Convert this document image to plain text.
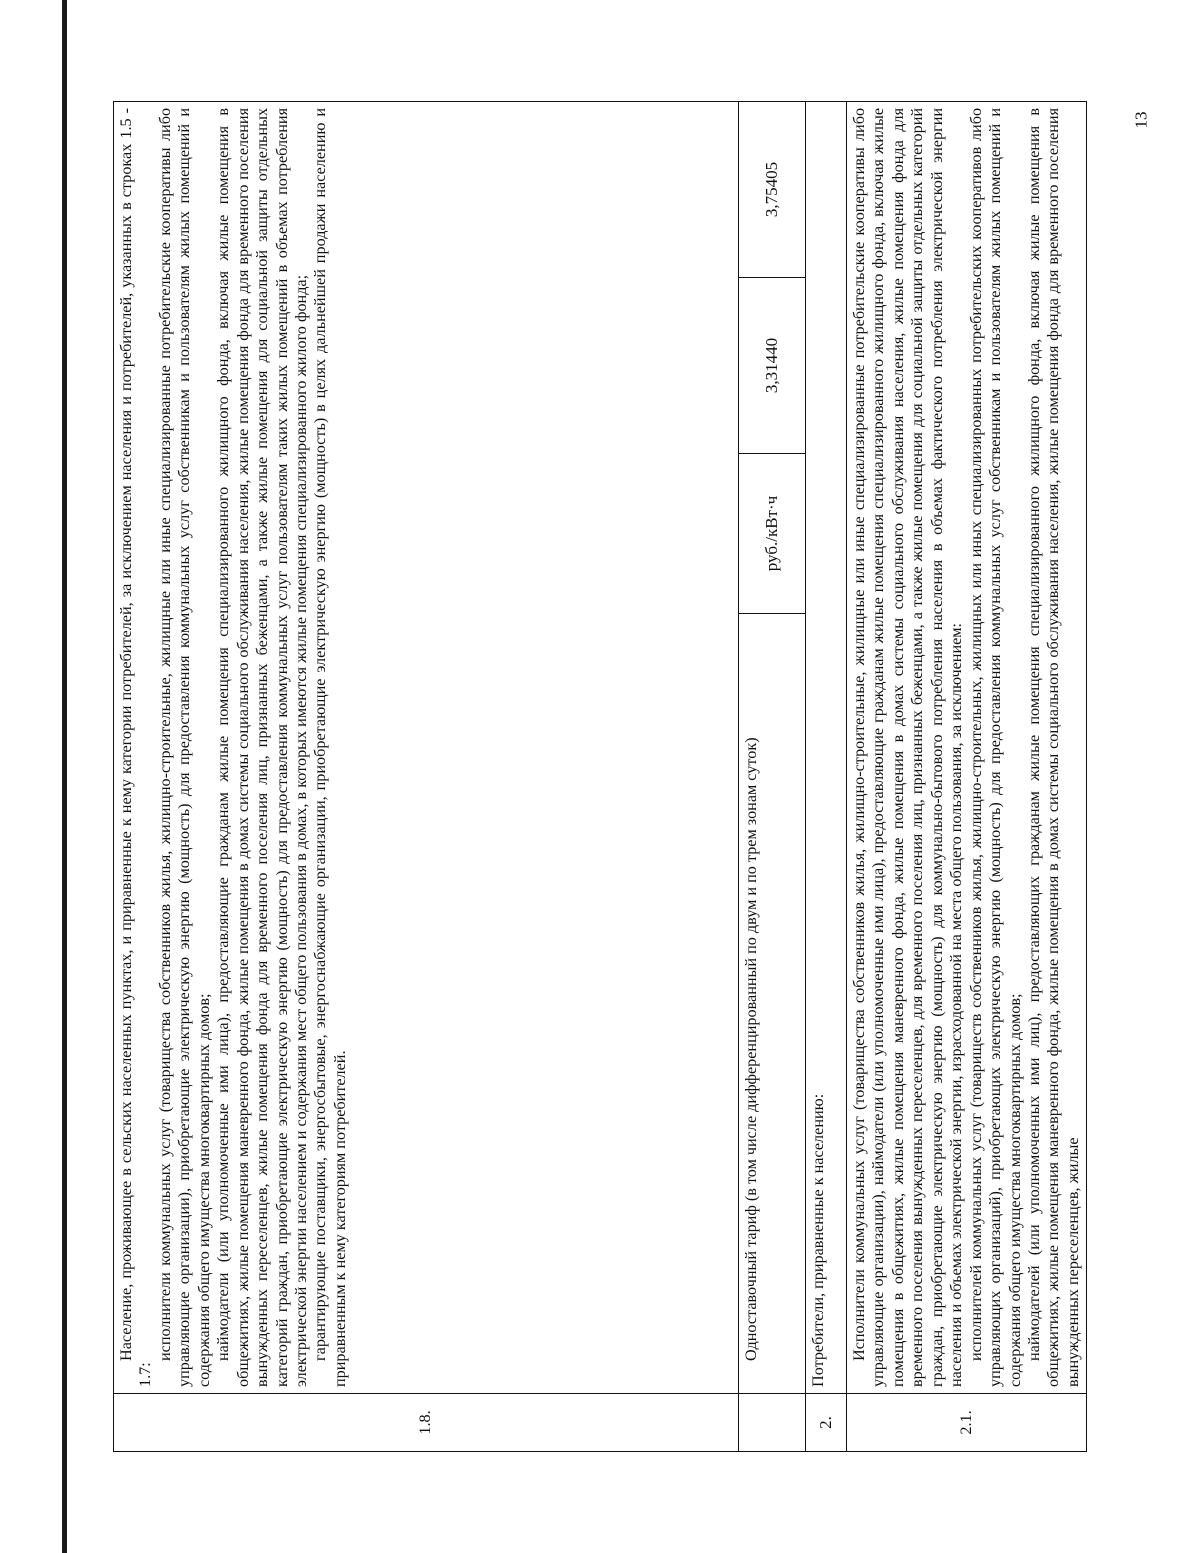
13
1.8.	Население, проживающее в сельских населенных пунктах, и приравненные к нему категории потребителей, за исключением населения и потребителей, указанных в строках 1.5 - 1.7:

исполнители коммунальных услуг (товарищества собственников жилья, жилищно-строительные, жилищные или иные специализированные потребительские кооперативы либо управляющие организации), приобретающие электрическую энергию (мощность) для предоставления коммунальных услуг собственникам и пользователям жилых помещений и содержания общего имущества многоквартирных домов; наймодатели (или уполномоченные ими лица), предоставляющие гражданам жилые помещения специализированного жилищного фонда, включая жилые помещения в общежитиях, жилые помещения маневренного фонда, жилые помещения в домах системы социального обслуживания населения, жилые помещения фонда для временного поселения вынужденных переселенцев, жилые помещения фонда для временного поселения лиц, признанных беженцами, а также жилые помещения для социальной защиты отдельных категорий граждан, приобретающие электрическую энергию (мощность) для предоставления коммунальных услуг пользователям таких жилых помещений в объемах потребления электрической энергии населением и содержания мест общего пользования в домах, в которых имеются жилые помещения специализированного жилого фонда; гарантирующие поставщики, энергосбытовые, энергоснабжающие организации, приобретающие электрическую энергию (мощность) в целях дальнейшей продажи населению и приравненным к нему категориям потребителей.			

	Одноставочный тариф (в том числе дифференцированный по двум и по трем зонам суток)	руб./кВт·ч	3,31440	3,75405
2.	Потребители, приравненные к населению:			

2.1.	Исполнители коммунальных услуг (товарищества собственников жилья, жилищно-строительные, жилищные или иные специализированные потребительские кооперативы либо управляющие организации), наймодатели (или уполномоченные ими лица), предоставляющие гражданам жилые помещения специализированного жилищного фонда, включая жилые помещения в общежитиях, жилые помещения маневренного фонда, жилые помещения в домах системы социального обслуживания населения, жилые помещения фонда для временного поселения вынужденных переселенцев, для временного поселения лиц, признанных беженцами, а также жилые помещения для социальной защиты отдельных категорий граждан, приобретающие электрическую энергию (мощность) для коммунально-бытового потребления населения в объемах фактического потребления электрической энергии населения и объемах электрической энергии, израсходованной на места общего пользования, за исключением: исполнителей коммунальных услуг (товариществ собственников жилья, жилищно-строительных, жилищных или иных специализированных потребительских кооперативов либо управляющих организаций), приобретающих электрическую энергию (мощность) для предоставления коммунальных услуг собственникам и пользователям жилых помещений и содержания общего имущества многоквартирных домов; наймодателей (или уполномоченных ими лиц), предоставляющих гражданам жилые помещения специализированного жилищного фонда, включая жилые помещения в общежитиях, жилые помещения маневренного фонда, жилые помещения в домах системы социального обслуживания населения, жилые помещения фонда для временного поселения вынужденных переселенцев, жилые			
